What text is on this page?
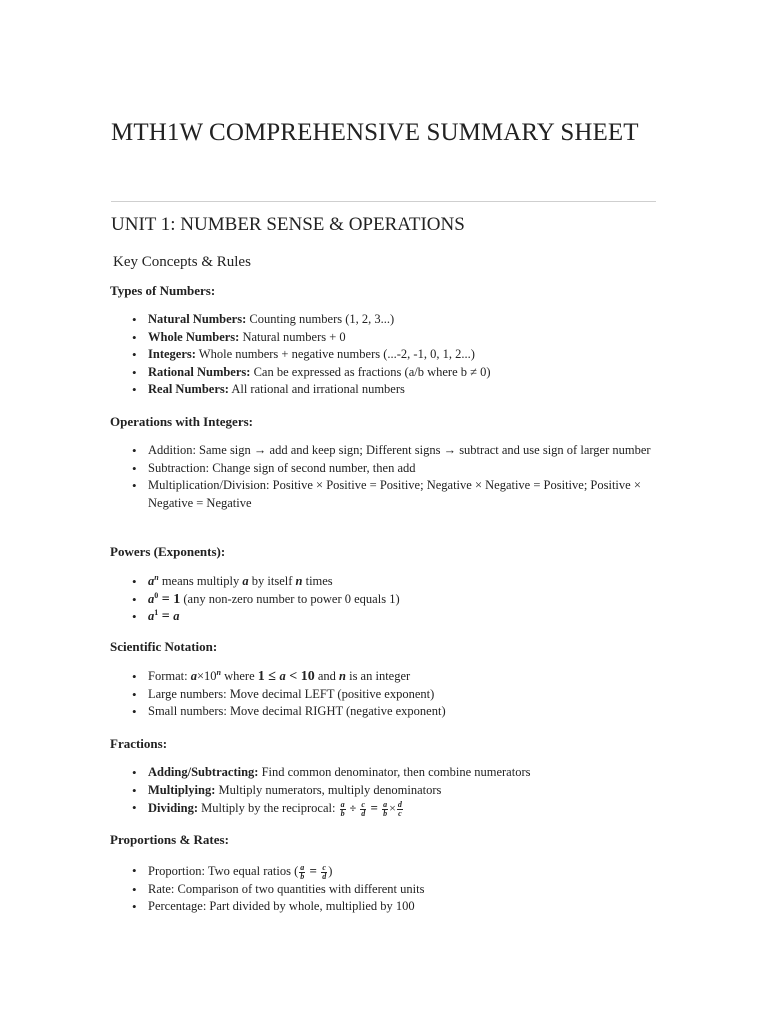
MTH1W COMPREHENSIVE SUMMARY SHEET
UNIT 1: NUMBER SENSE & OPERATIONS
Key Concepts & Rules
Types of Numbers:
• Natural Numbers: Counting numbers (1, 2, 3...)
• Whole Numbers: Natural numbers + 0
• Integers: Whole numbers + negative numbers (...-2, -1, 0, 1, 2...)
• Rational Numbers: Can be expressed as fractions (a/b where b ≠ 0)
• Real Numbers: All rational and irrational numbers
Operations with Integers:
• Addition: Same sign → add and keep sign; Different signs → subtract and use sign of larger number
• Subtraction: Change sign of second number, then add
• Multiplication/Division: Positive × Positive = Positive; Negative × Negative = Positive; Positive × Negative = Negative
Powers (Exponents):
• $a^n$ means multiply a by itself n times
• $a^0 = 1$ (any non-zero number to power 0 equals 1)
• $a^1 = a$
Scientific Notation:
• Format: $a\times 10^n$ where 1 ≤ a < 10 and n is an integer
• Large numbers: Move decimal LEFT (positive exponent)
• Small numbers: Move decimal RIGHT (negative exponent)
Fractions:
• Adding/Subtracting: Find common denominator, then combine numerators
• Multiplying: Multiply numerators, multiply denominators
• Dividing: Multiply by the reciprocal: $\frac{a}{b} \div \frac{c}{d} = \frac{a}{b} \times \frac{d}{c}$
Proportions & Rates:
• Proportion: Two equal ratios ( $\frac{a}{b} = \frac{c}{d}$ )
• Rate: Comparison of two quantities with different units
• Percentage: Part divided by whole, multiplied by 100
